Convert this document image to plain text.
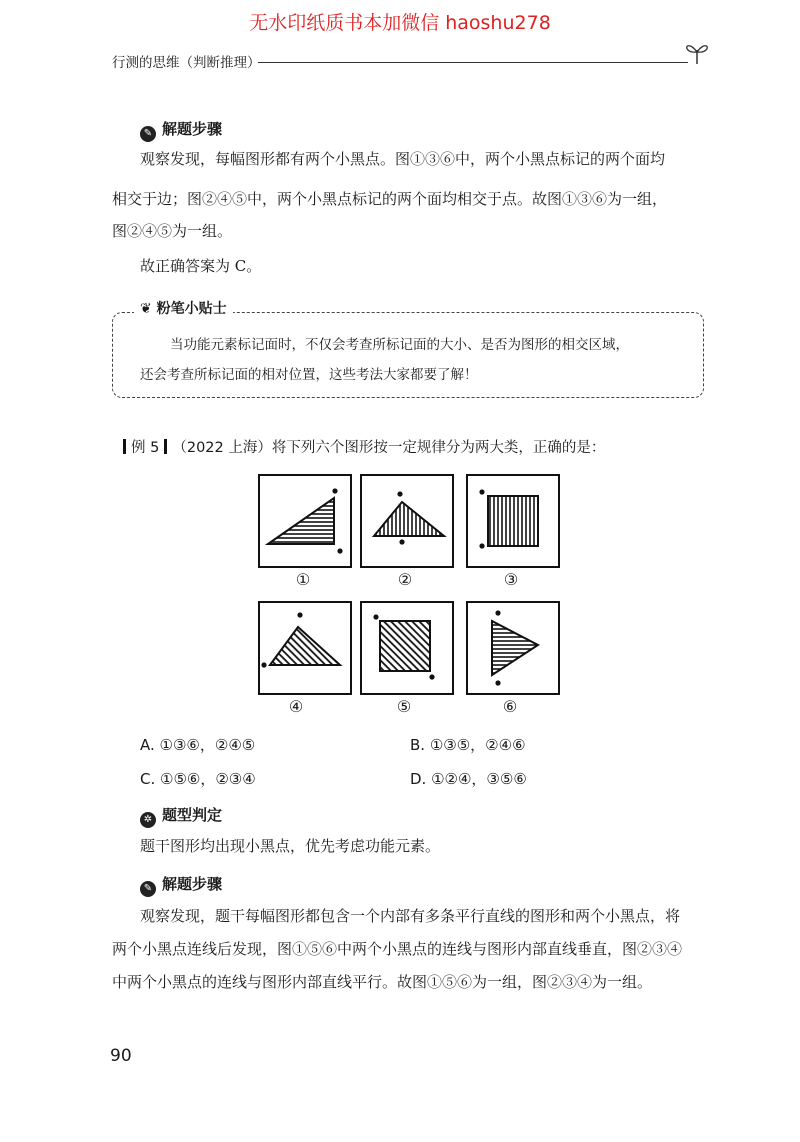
无水印纸质书本加微信 haoshu278
行测的思维（判断推理）
✎ 解题步骤
观察发现，每幅图形都有两个小黑点。图①③⑥中，两个小黑点标记的两个面均
相交于边；图②④⑤中，两个小黑点标记的两个面均相交于点。故图①③⑥为一组，
图②④⑤为一组。
故正确答案为 C。
❦ 粉笔小贴士
当功能元素标记面时，不仅会考查所标记面的大小、是否为图形的相交区域，
还会考查所标记面的相对位置，这些考法大家都要了解！
例 5 （2022 上海）将下列六个图形按一定规律分为两大类，正确的是：
①	②	③
④	⑤	⑥
A. ①③⑥，②④⑤	B. ①③⑤，②④⑥
C. ①⑤⑥，②③④	D. ①②④，③⑤⑥
✲ 题型判定
题干图形均出现小黑点，优先考虑功能元素。
✎ 解题步骤
观察发现，题干每幅图形都包含一个内部有多条平行直线的图形和两个小黑点，将
两个小黑点连线后发现，图①⑤⑥中两个小黑点的连线与图形内部直线垂直，图②③④
中两个小黑点的连线与图形内部直线平行。故图①⑤⑥为一组，图②③④为一组。
90
